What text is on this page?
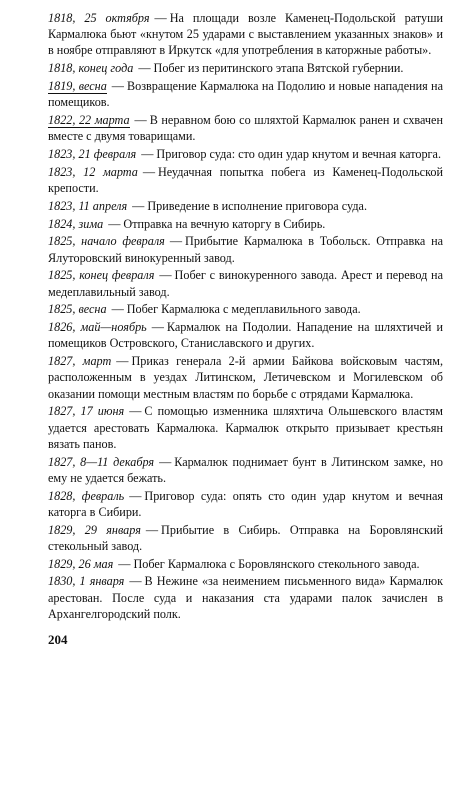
1818, 25 октября — На площади возле Каменец-Подольской ратуши Кармалюка бьют «кнутом 25 ударами с выставлением указанных знаков» и в ноябре отправляют в Иркутск «для употребления в каторжные работы».
1818, конец года — Побег из перитинского этапа Вятской губернии.
1819, весна — Возвращение Кармалюка на Подолию и новые нападения на помещиков.
1822, 22 марта — В неравном бою со шляхтой Кармалюк ранен и схвачен вместе с двумя товарищами.
1823, 21 февраля — Приговор суда: сто один удар кнутом и вечная каторга.
1823, 12 марта — Неудачная попытка побега из Каменец-Подольской крепости.
1823, 11 апреля — Приведение в исполнение приговора суда.
1824, зима — Отправка на вечную каторгу в Сибирь.
1825, начало февраля — Прибытие Кармалюка в Тобольск. Отправка на Ялуторовский винокуренный завод.
1825, конец февраля — Побег с винокуренного завода. Арест и перевод на медеплавильный завод.
1825, весна — Побег Кармалюка с медеплавильного завода.
1826, май—ноябрь — Кармалюк на Подолии. Нападение на шляхтичей и помещиков Островского, Станиславского и других.
1827, март — Приказ генерала 2-й армии Байкова войсковым частям, расположенным в уездах Литинском, Летичевском и Могилевском об оказании помощи местным властям по борьбе с отрядами Кармалюка.
1827, 17 июня — С помощью изменника шляхтича Ольшевского властям удается арестовать Кармалюка. Кармалюк открыто призывает крестьян вязать панов.
1827, 8—11 декабря — Кармалюк поднимает бунт в Литинском замке, но ему не удается бежать.
1828, февраль — Приговор суда: опять сто один удар кнутом и вечная каторга в Сибири.
1829, 29 января — Прибытие в Сибирь. Отправка на Боровлянский стекольный завод.
1829, 26 мая — Побег Кармалюка с Боровлянского стекольного завода.
1830, 1 января — В Нежине «за неимением письменного вида» Кармалюк арестован. После суда и наказания ста ударами палок зачислен в Архангелгородский полк.
204
